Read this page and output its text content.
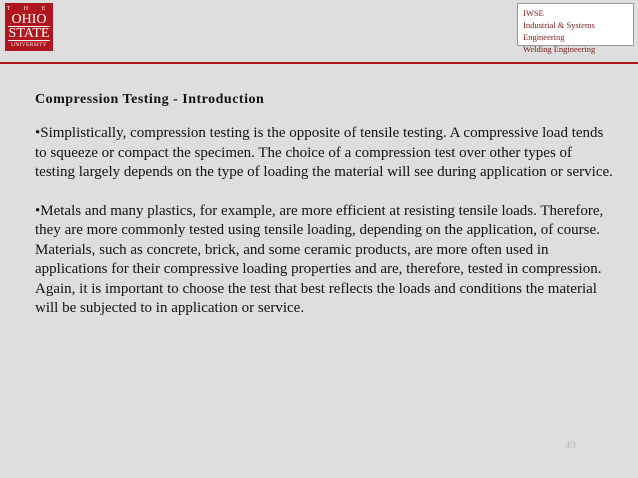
T H E
OHIO
STATE
UNIVERSITY
IWSE
Industrial & Systems Engineering
Welding Engineering
Compression Testing - Introduction

•Simplistically, compression testing is the opposite of tensile testing. A compressive load tends to squeeze or compact the specimen. The choice of a compression test over other types of testing largely depends on the type of loading the material will see during application or service.

•Metals and many plastics, for example, are more efficient at resisting tensile loads. Therefore, they are more commonly tested using tensile loading, depending on the application, of course. Materials, such as concrete, brick, and some ceramic products, are more often used in applications for their compressive loading properties and are, therefore, tested in compression. Again, it is important to choose the test that best reflects the loads and conditions the material will be subjected to in application or service.

49
